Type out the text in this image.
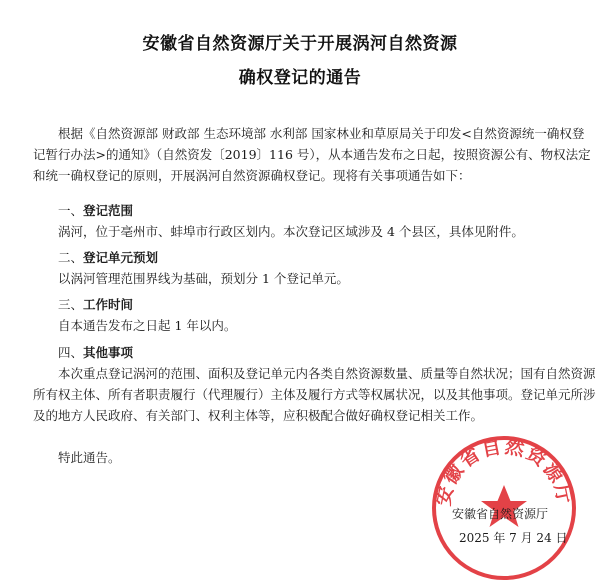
安徽省自然资源厅关于开展涡河自然资源
确权登记的通告
根据《自然资源部 财政部 生态环境部 水利部 国家林业和草原局关于印发<自然资源统一确权登
记暂行办法>的通知》（自然资发〔2019〕116 号），从本通告发布之日起，按照资源公有、物权法定
和统一确权登记的原则，开展涡河自然资源确权登记。现将有关事项通告如下：
一、登记范围
涡河，位于亳州市、蚌埠市行政区划内。本次登记区域涉及 4 个县区，具体见附件。
二、登记单元预划
以涡河管理范围界线为基础，预划分 1 个登记单元。
三、工作时间
自本通告发布之日起 1 年以内。
四、其他事项
本次重点登记涡河的范围、面积及登记单元内各类自然资源数量、质量等自然状况；国有自然资源
所有权主体、所有者职责履行（代理履行）主体及履行方式等权属状况，以及其他事项。登记单元所涉
及的地方人民政府、有关部门、权利主体等，应积极配合做好确权登记相关工作。
特此通告。
安徽省自然资源厅
安徽省自然资源厅
2025 年 7 月 24 日
